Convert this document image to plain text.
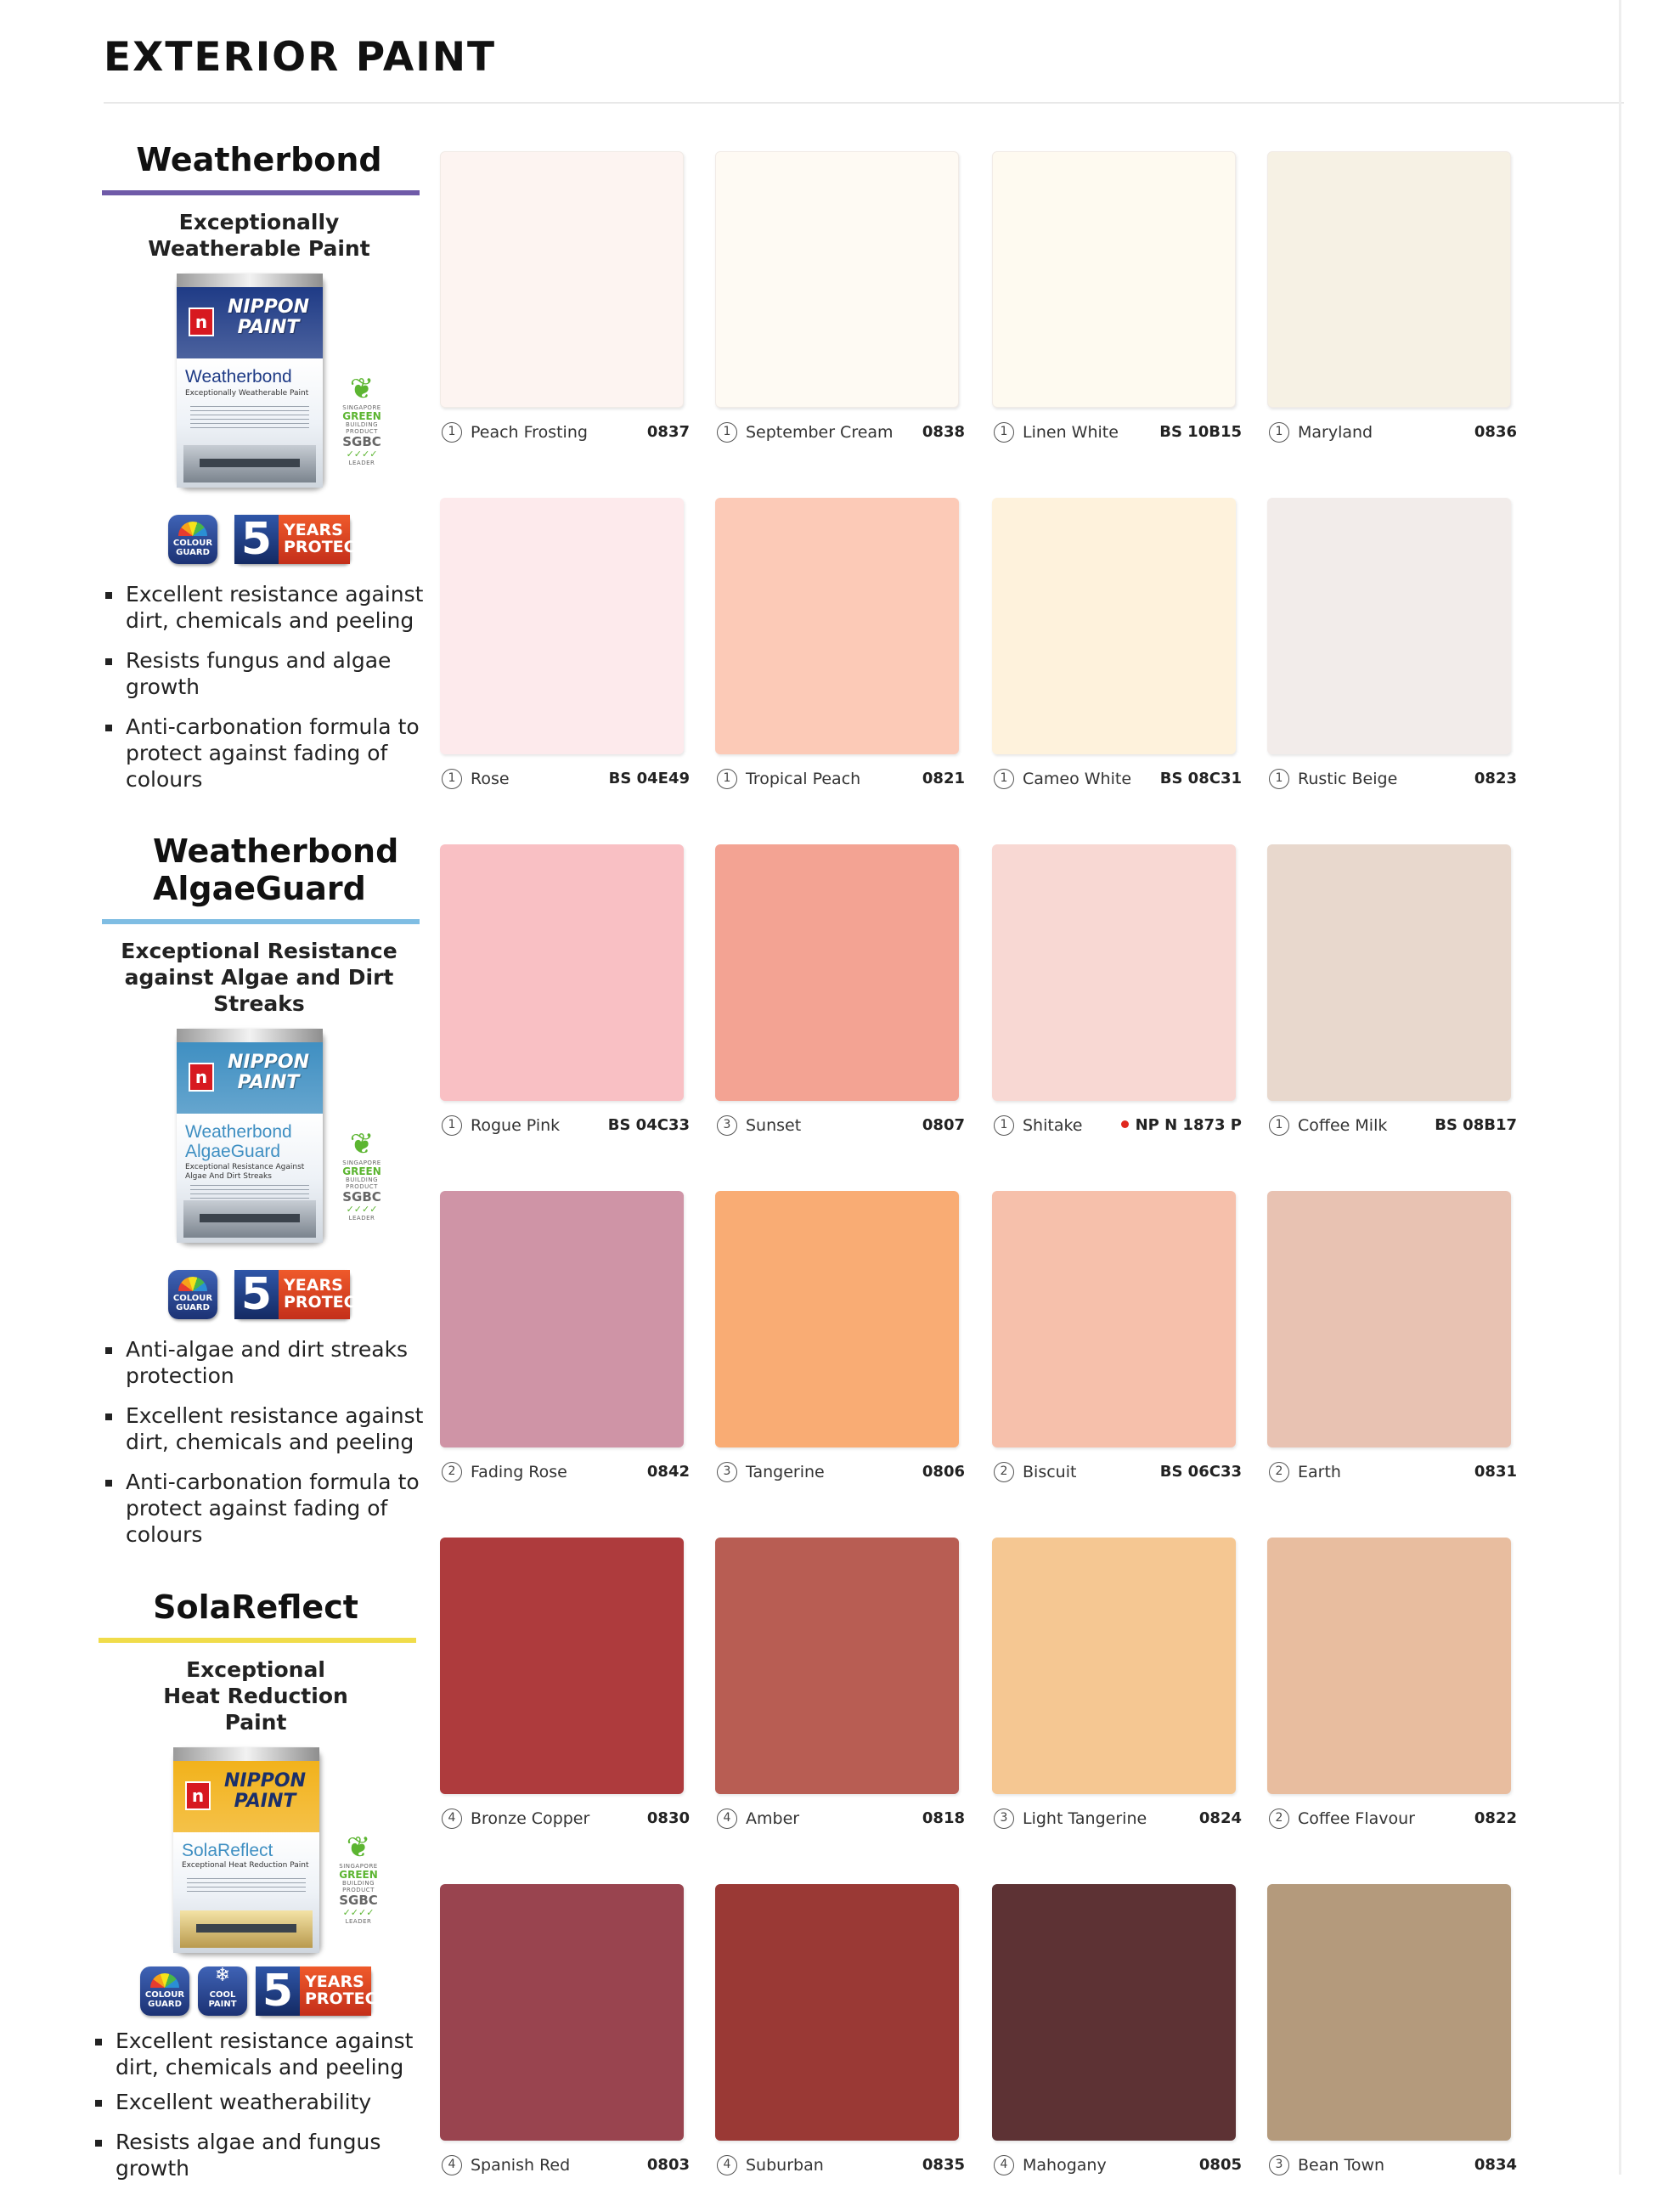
EXTERIOR PAINT
Weatherbond
Exceptionally Weatherable Paint
n
NIPPON PAINT
Weatherbond
Exceptionally Weatherable Paint	❦
SINGAPORE
GREEN
BUILDING
PRODUCT
SGBC
✓✓✓✓
LEADER
COLOUR GUARD 5 YEARS
PROTECT
Excellent resistance against dirt, chemicals and peeling
Resists fungus and algae growth
Anti-carbonation formula to protect against fading of colours
Weatherbond AlgaeGuard
Exceptional Resistance against Algae and Dirt Streaks
n
NIPPON PAINT
Weatherbond AlgaeGuard
Exceptional Resistance Against Algae And Dirt Streaks
❦
SINGAPORE
GREEN
BUILDING
PRODUCT
SGBC
✓✓✓✓
LEADER
COLOUR GUARD 5 YEARS
PROTECT
Anti-algae and dirt streaks protection
Excellent resistance against dirt, chemicals and peeling
Anti-carbonation formula to protect against fading of colours
SolaReflect
Exceptional Heat Reduction Paint
n
NIPPON PAINT
SolaReflect
Exceptional Heat Reduction Paint
❦
SINGAPORE
GREEN
BUILDING
PRODUCT
SGBC
✓✓✓✓
LEADER
COLOUR GUARD
❄ COOL PAINT 5 YEARS
PROTECT
Excellent resistance against dirt, chemicals and peeling
Excellent weatherability
Resists algae and fungus growth
1 Peach Frosting	0837	1 September Cream 0838	1 Linen White	BS 10B15	1 Maryland	0836
1 Rose	BS 04E49	1 Tropical Peach	0821	1 Cameo White BS 08C31	1 Rustic Beige	0823
1 Rogue Pink	BS 04C33	3 Sunset	0807	1 Shitake	NP N 1873 P	1 Coffee Milk	BS 08B17
2 Fading Rose	0842	3 Tangerine	0806	2 Biscuit	BS 06C33	2 Earth	0831
4 Bronze Copper	0830	4 Amber	0818	3 Light Tangerine	0824	2 Coffee Flavour	0822
4 Spanish Red	0803	4 Suburban	0835	4 Mahogany	0805	3 Bean Town	0834
